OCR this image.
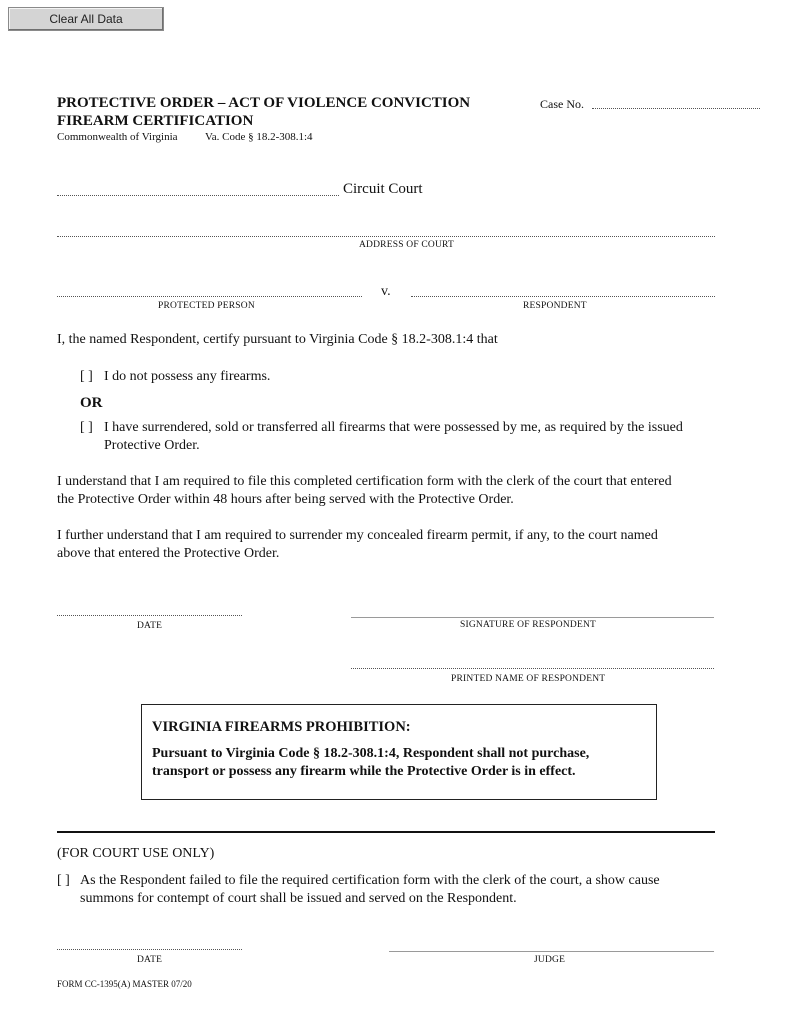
Clear All Data
PROTECTIVE ORDER – ACT OF VIOLENCE CONVICTION
FIREARM CERTIFICATION
Commonwealth of Virginia Va. Code § 18.2-308.1:4
Case No.
Circuit Court
ADDRESS OF COURT
v.
PROTECTED PERSON	RESPONDENT
I, the named Respondent, certify pursuant to Virginia Code § 18.2-308.1:4 that
[ ] I do not possess any firearms.
OR
[ ] I have surrendered, sold or transferred all firearms that were possessed by me, as required by the issued
Protective Order.
I understand that I am required to file this completed certification form with the clerk of the court that entered
the Protective Order within 48 hours after being served with the Protective Order.
I further understand that I am required to surrender my concealed firearm permit, if any, to the court named
above that entered the Protective Order.
DATE	SIGNATURE OF RESPONDENT
PRINTED NAME OF RESPONDENT
VIRGINIA FIREARMS PROHIBITION:
Pursuant to Virginia Code § 18.2-308.1:4, Respondent shall not purchase,
transport or possess any firearm while the Protective Order is in effect.
(FOR COURT USE ONLY)
[ ] As the Respondent failed to file the required certification form with the clerk of the court, a show cause
summons for contempt of court shall be issued and served on the Respondent.
DATE	JUDGE
FORM CC-1395(A) MASTER 07/20
